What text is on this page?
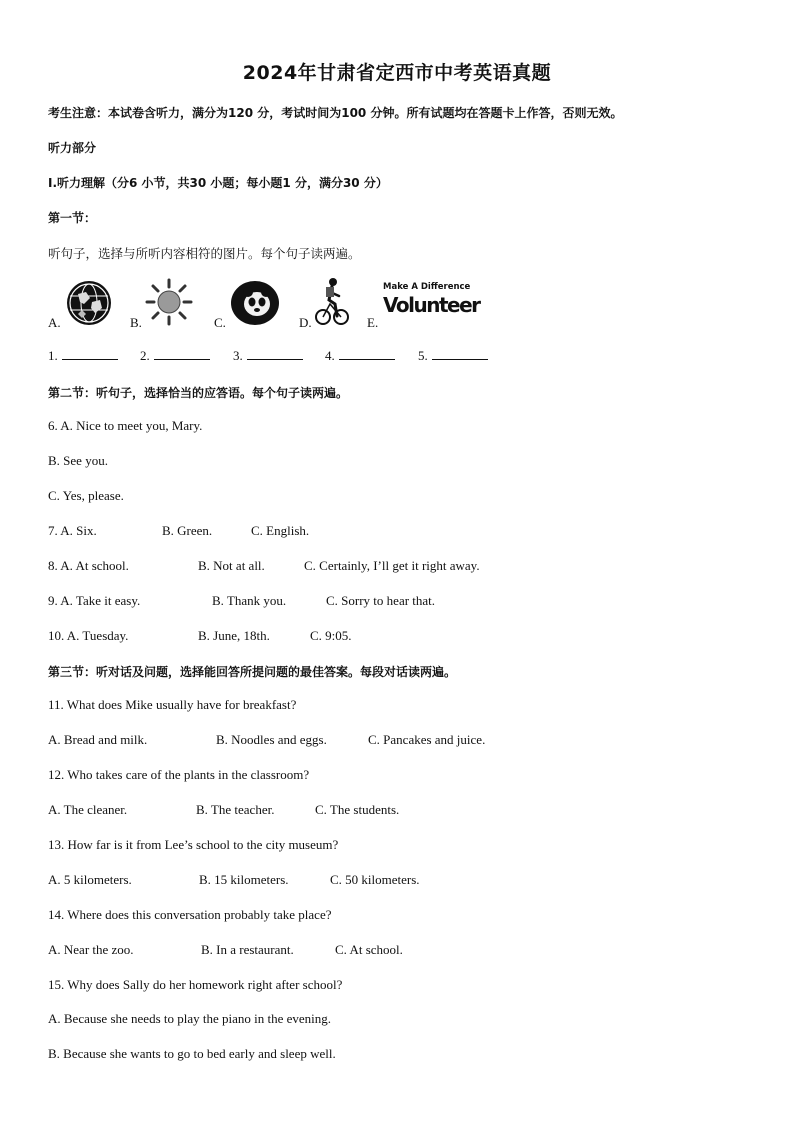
2024年甘肃省定西市中考英语真题
考生注意：本试卷含听力，满分为120 分，考试时间为100 分钟。所有试题均在答题卡上作答，否则无效。
听力部分
Ⅰ.听力理解（分6 小节，共30 小题；每小题1 分，满分30 分）
第一节：
听句子，选择与所听内容相符的图片。每个句子读两遍。
A.	B.	C.	D.	E.
Make A Difference
Volunteer
1.	2.	3.	4.	5.
第二节：听句子，选择恰当的应答语。每个句子读两遍。
6. A. Nice to meet you, Mary.
B. See you.
C. Yes, please.
7. A. Six.	B. Green.	C. English.
8. A. At school.	B. Not at all.	C. Certainly, I’ll get it right away.
9. A. Take it easy.	B. Thank you.	C. Sorry to hear that.
10. A. Tuesday.	B. June, 18th.	C. 9:05.
第三节：听对话及问题，选择能回答所提问题的最佳答案。每段对话读两遍。
11. What does Mike usually have for breakfast?
A. Bread and milk.	B. Noodles and eggs.	C. Pancakes and juice.
12. Who takes care of the plants in the classroom?
A. The cleaner.	B. The teacher.	C. The students.
13. How far is it from Lee’s school to the city museum?
A. 5 kilometers.	B. 15 kilometers.	C. 50 kilometers.
14. Where does this conversation probably take place?
A. Near the zoo.	B. In a restaurant.	C. At school.
15. Why does Sally do her homework right after school?
A. Because she needs to play the piano in the evening.
B. Because she wants to go to bed early and sleep well.
